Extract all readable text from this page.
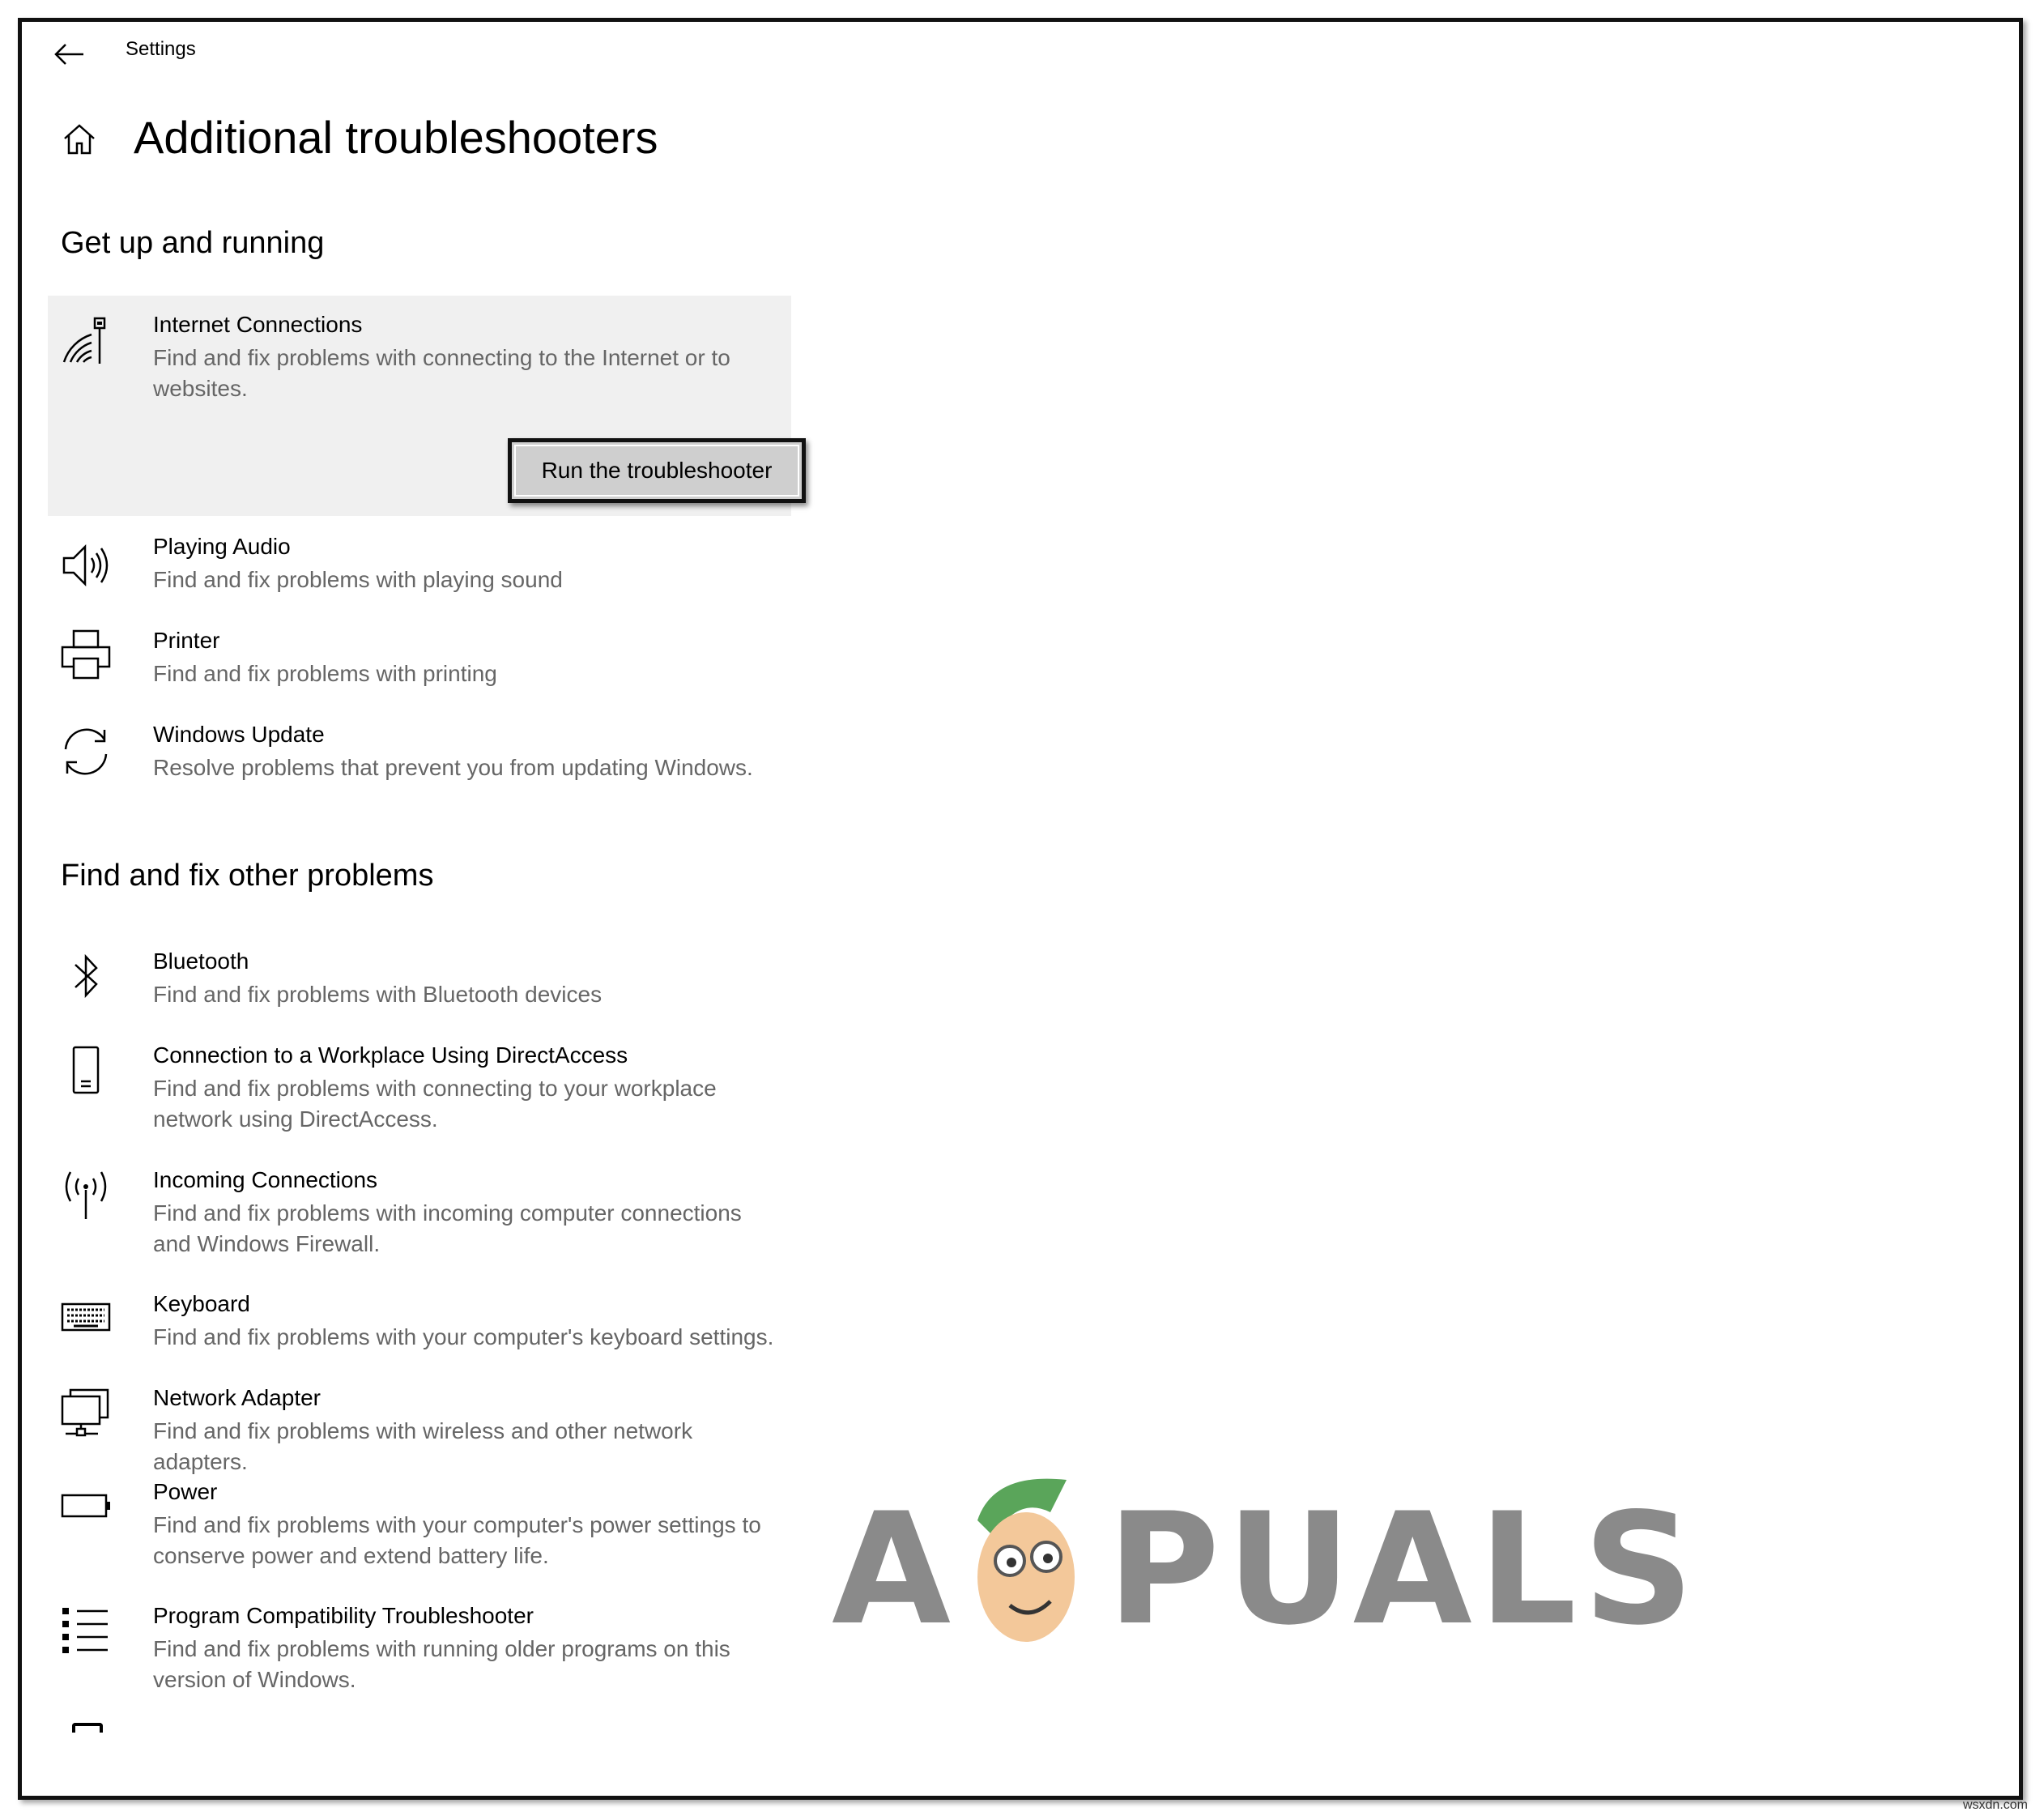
Settings
Additional troubleshooters
Get up and running
Internet Connections
Find and fix problems with connecting to the Internet or to websites.
Run the troubleshooter
Playing Audio
Find and fix problems with playing sound
Printer
Find and fix problems with printing
Windows Update
Resolve problems that prevent you from updating Windows.
Find and fix other problems
Bluetooth
Find and fix problems with Bluetooth devices
Connection to a Workplace Using DirectAccess
Find and fix problems with connecting to your workplace network using DirectAccess.
Incoming Connections
Find and fix problems with incoming computer connections and Windows Firewall.
Keyboard
Find and fix problems with your computer's keyboard settings.
Network Adapter
Find and fix problems with wireless and other network adapters.
Power
Find and fix problems with your computer's power settings to conserve power and extend battery life.
Program Compatibility Troubleshooter
Find and fix problems with running older programs on this version of Windows.
A PUALS
wsxdn.com
